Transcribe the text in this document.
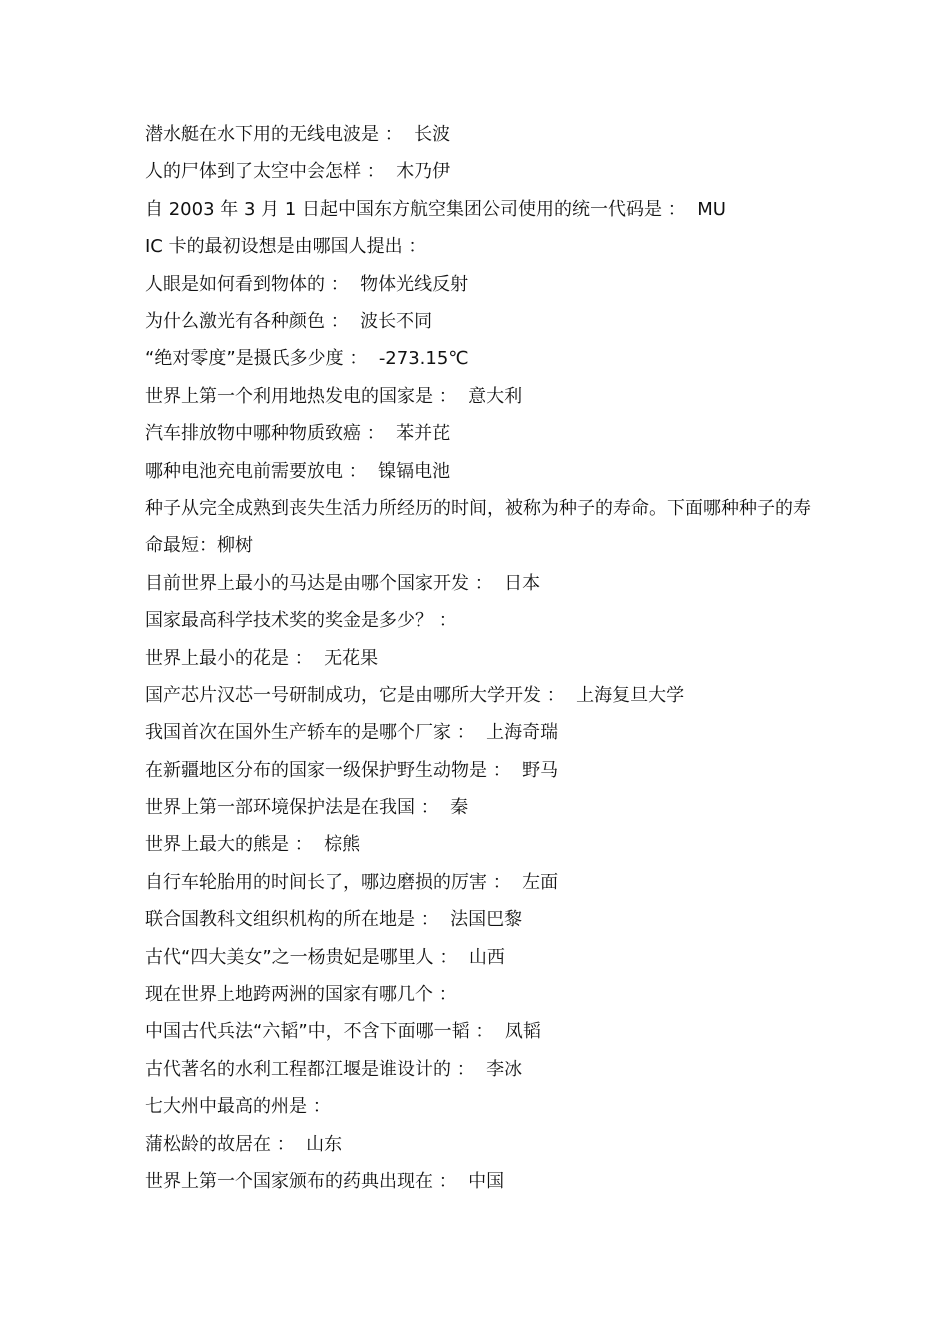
潜水艇在水下用的无线电波是 ：  长波
人的尸体到了太空中会怎样 ：  木乃伊
自 2003 年 3 月 1 日起中国东方航空集团公司使用的统一代码是 ：  MU
IC 卡的最初设想是由哪国人提出 ：
人眼是如何看到物体的 ：  物体光线反射
为什么激光有各种颜色 ：  波长不同
“绝对零度”是摄氏多少度 ：  -273.15℃
世界上第一个利用地热发电的国家是 ：  意大利
汽车排放物中哪种物质致癌 ：  苯并芘
哪种电池充电前需要放电 ：  镍镉电池
种子从完全成熟到丧失生活力所经历的时间，被称为种子的寿命。下面哪种种子的寿命最短：柳树
目前世界上最小的马达是由哪个国家开发 ：  日本
国家最高科学技术奖的奖金是多少？ ：
世界上最小的花是 ：  无花果
国产芯片汉芯一号研制成功，它是由哪所大学开发 ：  上海复旦大学
我国首次在国外生产轿车的是哪个厂家 ：  上海奇瑞
在新疆地区分布的国家一级保护野生动物是 ：  野马
世界上第一部环境保护法是在我国 ：  秦
世界上最大的熊是 ：  棕熊
自行车轮胎用的时间长了，哪边磨损的厉害 ：  左面
联合国教科文组织机构的所在地是 ：  法国巴黎
古代“四大美女”之一杨贵妃是哪里人 ：  山西
现在世界上地跨两洲的国家有哪几个 ：
中国古代兵法“六韬”中，不含下面哪一韬 ：  凤韬
古代著名的水利工程都江堰是谁设计的 ：  李冰
七大州中最高的州是 ：
蒲松龄的故居在 ：  山东
世界上第一个国家颁布的药典出现在 ：  中国
